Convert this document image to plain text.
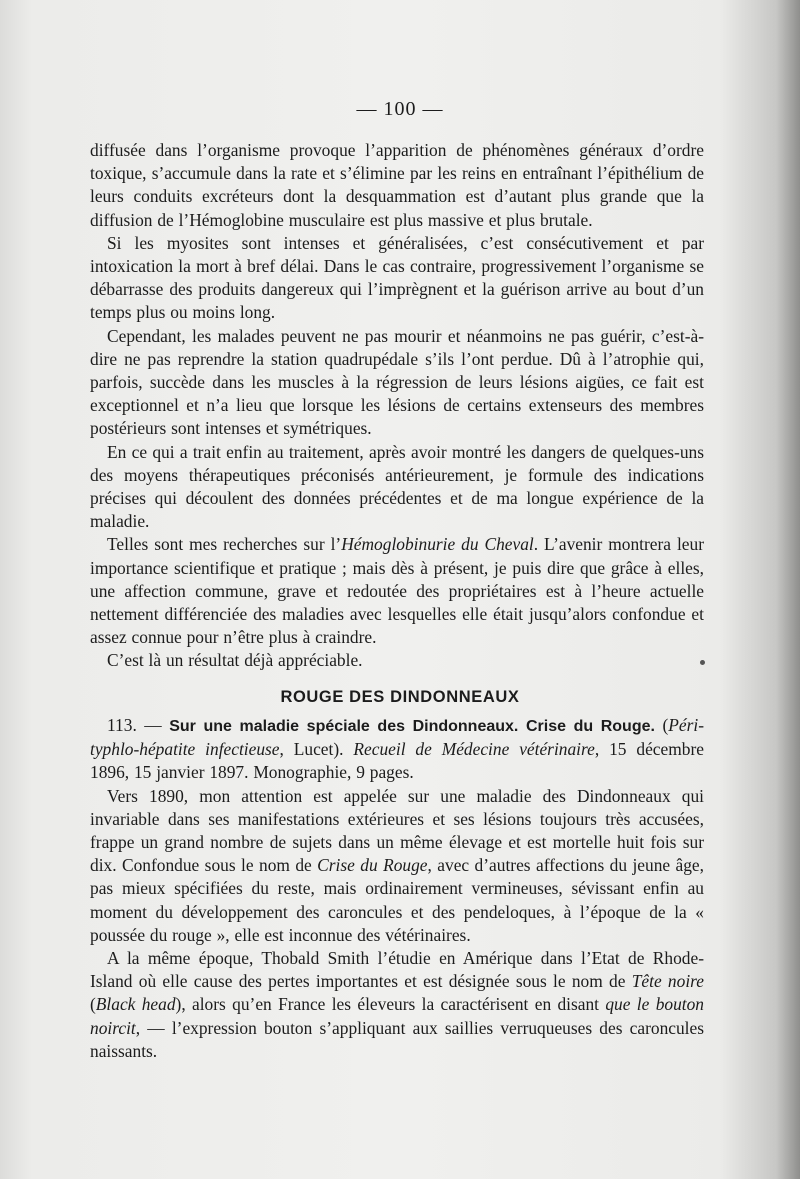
— 100 —

diffusée dans l’organisme provoque l’apparition de phénomènes généraux d’ordre toxique, s’accumule dans la rate et s’élimine par les reins en entraînant l’épithélium de leurs conduits excréteurs dont la desquammation est d’autant plus grande que la diffusion de l’Hémoglobine musculaire est plus massive et plus brutale.

Si les myosites sont intenses et généralisées, c’est consécutivement et par intoxication la mort à bref délai. Dans le cas contraire, progressivement l’organisme se débarrasse des produits dangereux qui l’imprègnent et la guérison arrive au bout d’un temps plus ou moins long.

Cependant, les malades peuvent ne pas mourir et néanmoins ne pas guérir, c’est-à-dire ne pas reprendre la station quadrupédale s’ils l’ont perdue. Dû à l’atrophie qui, parfois, succède dans les muscles à la régression de leurs lésions aigües, ce fait est exceptionnel et n’a lieu que lorsque les lésions de certains extenseurs des membres postérieurs sont intenses et symétriques.

En ce qui a trait enfin au traitement, après avoir montré les dangers de quelques-uns des moyens thérapeutiques préconisés antérieurement, je formule des indications précises qui découlent des données précédentes et de ma longue expérience de la maladie.

Telles sont mes recherches sur l’Hémoglobinurie du Cheval. L’avenir montrera leur importance scientifique et pratique ; mais dès à présent, je puis dire que grâce à elles, une affection commune, grave et redoutée des propriétaires est à l’heure actuelle nettement différenciée des maladies avec lesquelles elle était jusqu’alors confondue et assez connue pour n’être plus à craindre.

C’est là un résultat déjà appréciable.

ROUGE DES DINDONNEAUX

113. — Sur une maladie spéciale des Dindonneaux. Crise du Rouge. (Pérityphlo-hépatite infectieuse, Lucet). Recueil de Médecine vétérinaire, 15 décembre 1896, 15 janvier 1897. Monographie, 9 pages.

Vers 1890, mon attention est appelée sur une maladie des Dindonneaux qui invariable dans ses manifestations extérieures et ses lésions toujours très accusées, frappe un grand nombre de sujets dans un même élevage et est mortelle huit fois sur dix. Confondue sous le nom de Crise du Rouge, avec d’autres affections du jeune âge, pas mieux spécifiées du reste, mais ordinairement vermineuses, sévissant enfin au moment du développement des caroncules et des pendeloques, à l’époque de la « poussée du rouge », elle est inconnue des vétérinaires.

A la même époque, Thobald Smith l’étudie en Amérique dans l’Etat de Rhode-Island où elle cause des pertes importantes et est désignée sous le nom de Tête noire (Black head), alors qu’en France les éleveurs la caractérisent en disant que le bouton noircit, — l’expression bouton s’appliquant aux saillies verruqueuses des caroncules naissants.
